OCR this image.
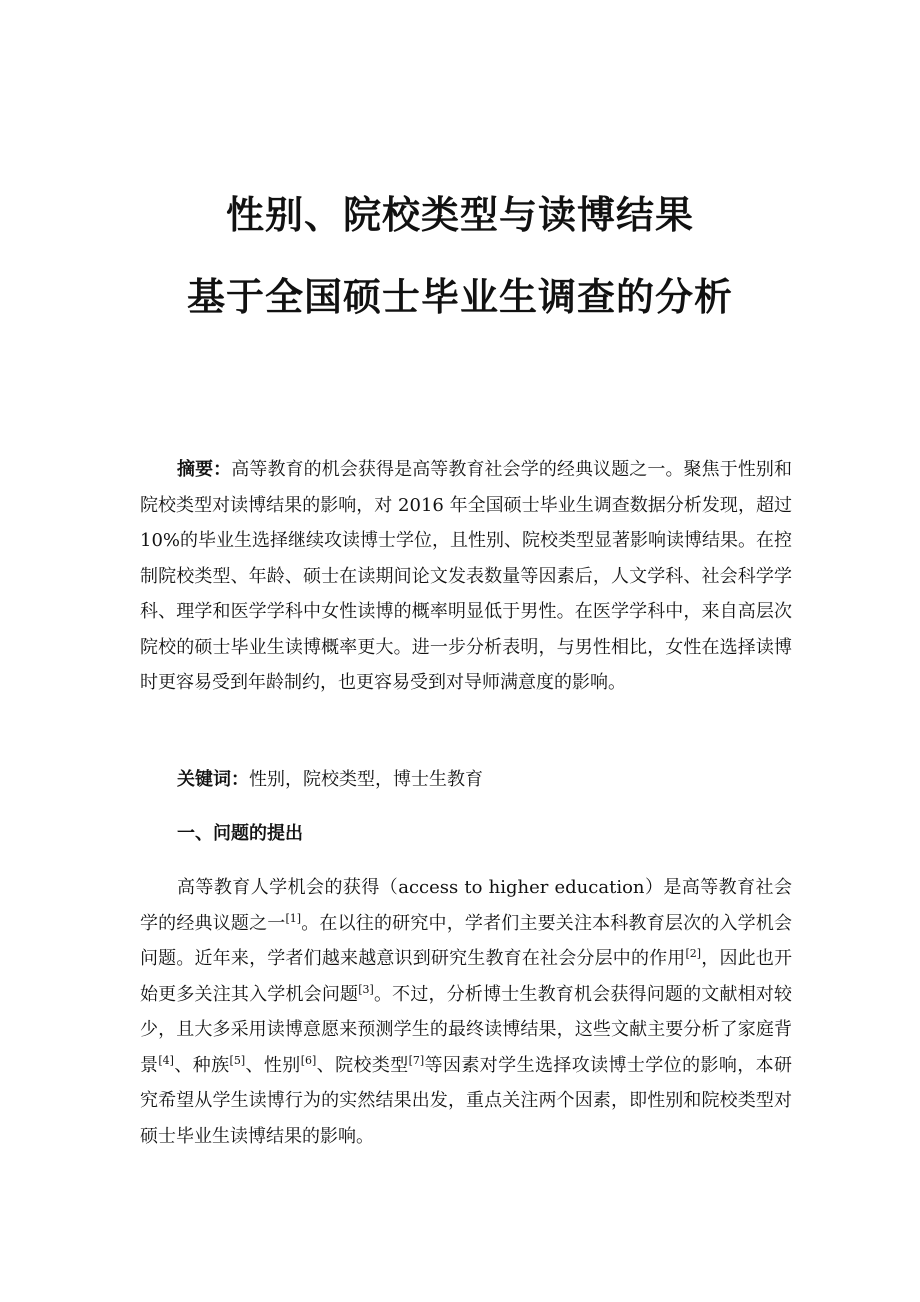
性别、院校类型与读博结果
基于全国硕士毕业生调查的分析

摘要：高等教育的机会获得是高等教育社会学的经典议题之一。聚焦于性别和院校类型对读博结果的影响，对 2016 年全国硕士毕业生调查数据分析发现，超过 10%的毕业生选择继续攻读博士学位，且性别、院校类型显著影响读博结果。在控制院校类型、年龄、硕士在读期间论文发表数量等因素后，人文学科、社会科学学科、理学和医学学科中女性读博的概率明显低于男性。在医学学科中，来自高层次院校的硕士毕业生读博概率更大。进一步分析表明，与男性相比，女性在选择读博时更容易受到年龄制约，也更容易受到对导师满意度的影响。

关键词：性别，院校类型，博士生教育

一、问题的提出

高等教育人学机会的获得（access to higher education）是高等教育社会学的经典议题之一[1]。在以往的研究中，学者们主要关注本科教育层次的入学机会问题。近年来，学者们越来越意识到研究生教育在社会分层中的作用[2]，因此也开始更多关注其入学机会问题[3]。不过，分析博士生教育机会获得问题的文献相对较少，且大多采用读博意愿来预测学生的最终读博结果，这些文献主要分析了家庭背景[4]、种族[5]、性别[6]、院校类型[7]等因素对学生选择攻读博士学位的影响，本研究希望从学生读博行为的实然结果出发，重点关注两个因素，即性别和院校类型对硕士毕业生读博结果的影响。
